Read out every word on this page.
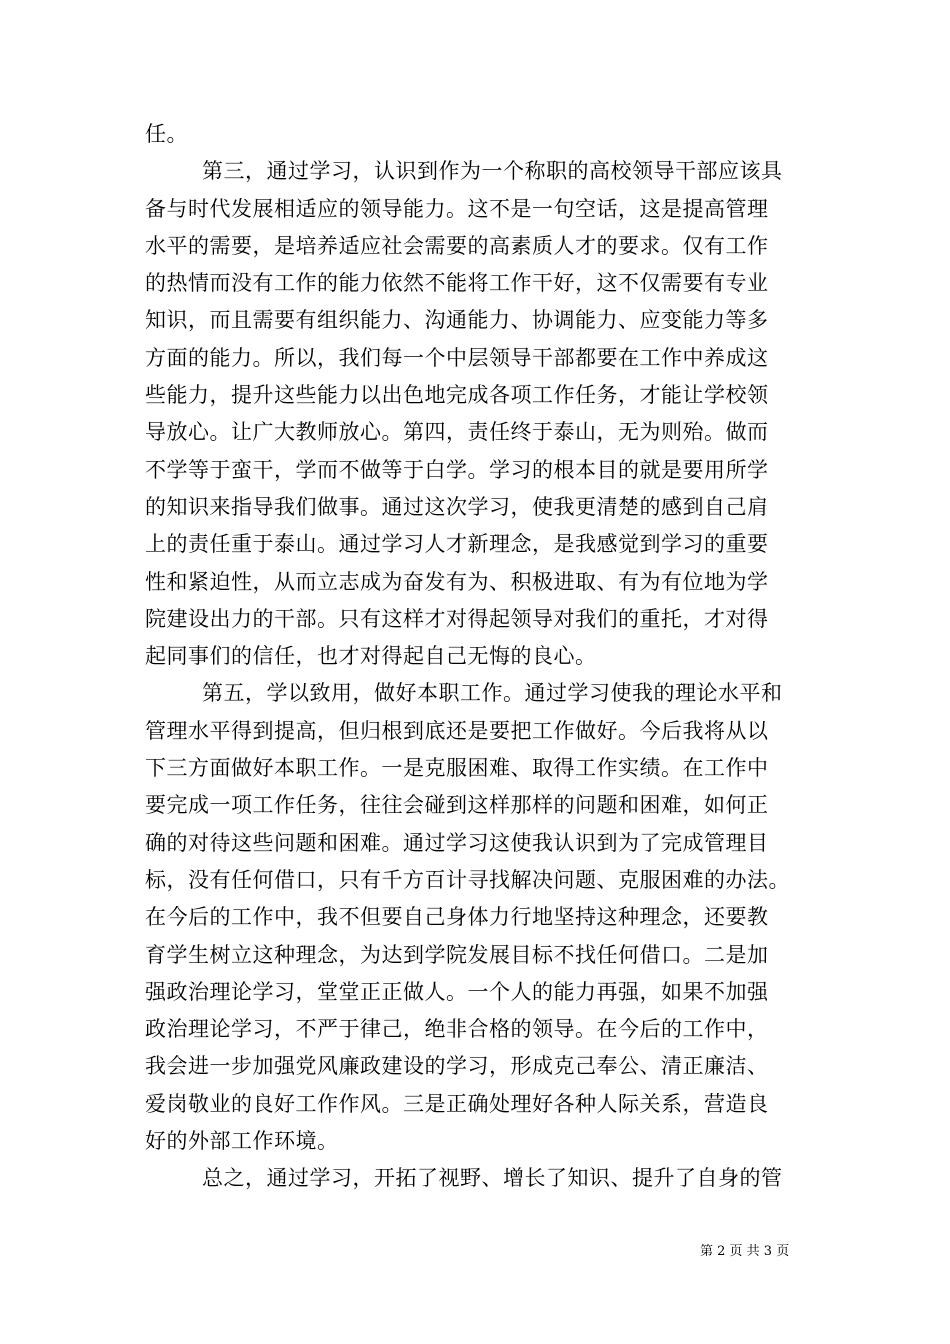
任。
第三，通过学习，认识到作为一个称职的高校领导干部应该具
备与时代发展相适应的领导能力。这不是一句空话，这是提高管理
水平的需要，是培养适应社会需要的高素质人才的要求。仅有工作
的热情而没有工作的能力依然不能将工作干好，这不仅需要有专业
知识，而且需要有组织能力、沟通能力、协调能力、应变能力等多
方面的能力。所以，我们每一个中层领导干部都要在工作中养成这
些能力，提升这些能力以出色地完成各项工作任务，才能让学校领
导放心。让广大教师放心。第四，责任终于泰山，无为则殆。做而
不学等于蛮干，学而不做等于白学。学习的根本目的就是要用所学
的知识来指导我们做事。通过这次学习，使我更清楚的感到自己肩
上的责任重于泰山。通过学习人才新理念，是我感觉到学习的重要
性和紧迫性，从而立志成为奋发有为、积极进取、有为有位地为学
院建设出力的干部。只有这样才对得起领导对我们的重托，才对得
起同事们的信任，也才对得起自己无悔的良心。
第五，学以致用，做好本职工作。通过学习使我的理论水平和
管理水平得到提高，但归根到底还是要把工作做好。今后我将从以
下三方面做好本职工作。一是克服困难、取得工作实绩。在工作中
要完成一项工作任务，往往会碰到这样那样的问题和困难，如何正
确的对待这些问题和困难。通过学习这使我认识到为了完成管理目
标，没有任何借口，只有千方百计寻找解决问题、克服困难的办法。
在今后的工作中，我不但要自己身体力行地坚持这种理念，还要教
育学生树立这种理念，为达到学院发展目标不找任何借口。二是加
强政治理论学习，堂堂正正做人。一个人的能力再强，如果不加强
政治理论学习，不严于律己，绝非合格的领导。在今后的工作中，
我会进一步加强党风廉政建设的学习，形成克己奉公、清正廉洁、
爱岗敬业的良好工作作风。三是正确处理好各种人际关系，营造良
好的外部工作环境。
总之，通过学习，开拓了视野、增长了知识、提升了自身的管
第 2 页 共 3 页
